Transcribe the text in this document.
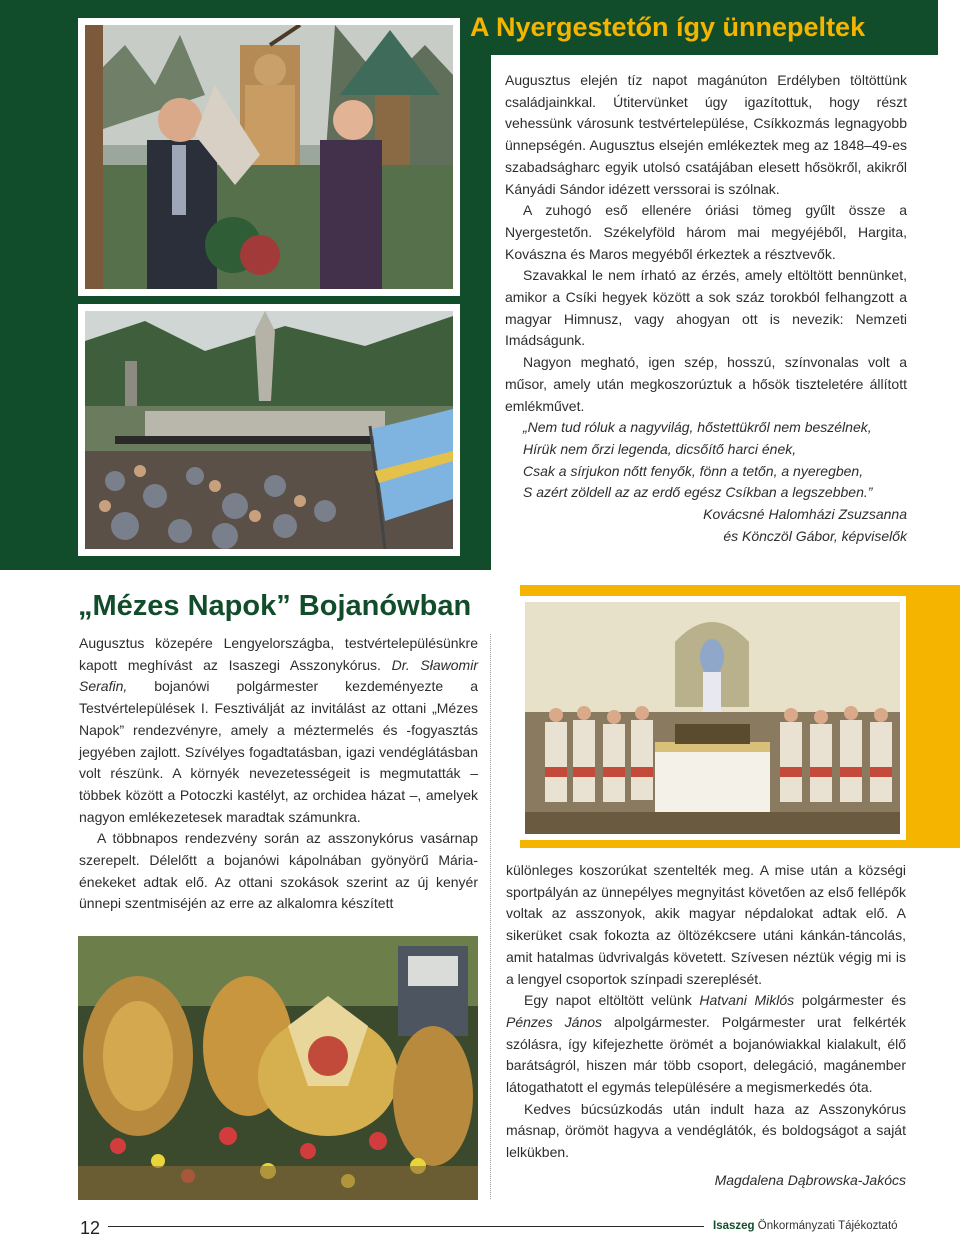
A Nyergestetőn így ünnepeltek

Augusztus elején tíz napot magánúton Erdélyben töltöttünk családjainkkal. Útitervünket úgy igazítottuk, hogy részt vehessünk városunk testvértelepülése, Csíkkozmás legnagyobb ünnepségén. Augusztus elsején emlékeztek meg az 1848–49-es szabadságharc egyik utolsó csatájában elesett hősökről, akikről Kányádi Sándor idézett verssorai is szólnak.

A zuhogó eső ellenére óriási tömeg gyűlt össze a Nyergestetőn. Székelyföld három mai megyéjéből, Hargita, Kovászna és Maros megyéből érkeztek a résztvevők.

Szavakkal le nem írható az érzés, amely eltöltött bennünket, amikor a Csíki hegyek között a sok száz torokból felhangzott a magyar Himnusz, vagy ahogyan ott is nevezik: Nemzeti Imádságunk.

Nagyon megható, igen szép, hosszú, színvonalas volt a műsor, amely után megkoszorúztuk a hősök tiszteletére állított emlékművet.

„Nem tud róluk a nagyvilág, hőstettükről nem beszélnek,
Hírük nem őrzi legenda, dicsőítő harci ének,
Csak a sírjukon nőtt fenyők, fönn a tetőn, a nyeregben,
S azért zöldell az az erdő egész Csíkban a legszebben.”
Kovácsné Halomházi Zsuzsanna
és Könczöl Gábor, képviselők
„Mézes Napok” Bojanówban

Augusztus közepére Lengyelországba, testvértelepülésünkre kapott meghívást az Isaszegi Asszonykórus. Dr. Sławomir Serafin, bojanówi polgármester kezdeményezte a Testvértelepülések I. Fesztiválját az invitálást az ottani „Mézes Napok” rendezvényre, amely a méztermelés és -fogyasztás jegyében zajlott. Szívélyes fogadtatásban, igazi vendéglátásban volt részünk. A környék nevezetességeit is megmutatták – többek között a Potoczki kastélyt, az orchidea házat –, amelyek nagyon emlékezetesek maradtak számunkra.

A többnapos rendezvény során az asszonykórus vasárnap szerepelt. Délelőtt a bojanówi kápolnában gyönyörű Mária-énekeket adtak elő. Az ottani szokások szerint az új kenyér ünnepi szentmiséjén az erre az alkalomra készített

különleges koszorúkat szentelték meg. A mise után a községi sportpályán az ünnepélyes megnyitást követően az első fellépők voltak az asszonyok, akik magyar népdalokat adtak elő. A sikerüket csak fokozta az öltözékcsere utáni kánkán-táncolás, amit hatalmas üdvrivalgás követett. Szívesen néztük végig mi is a lengyel csoportok színpadi szereplését.

Egy napot eltöltött velünk Hatvani Miklós polgármester és Pénzes János alpolgármester. Polgármester urat felkérték szólásra, így kifejezhette örömét a bojanówiakkal kialakult, élő barátságról, hiszen már több csoport, delegáció, magánember látogathatott el egymás településére a megismerkedés óta.

Kedves búcsúzkodás után indult haza az Asszonykórus másnap, örömöt hagyva a vendéglátók, és boldogságot a saját lelkükben.

Magdalena Dąbrowska-Jakócs
12	Isaszeg Önkormányzati Tájékoztató
